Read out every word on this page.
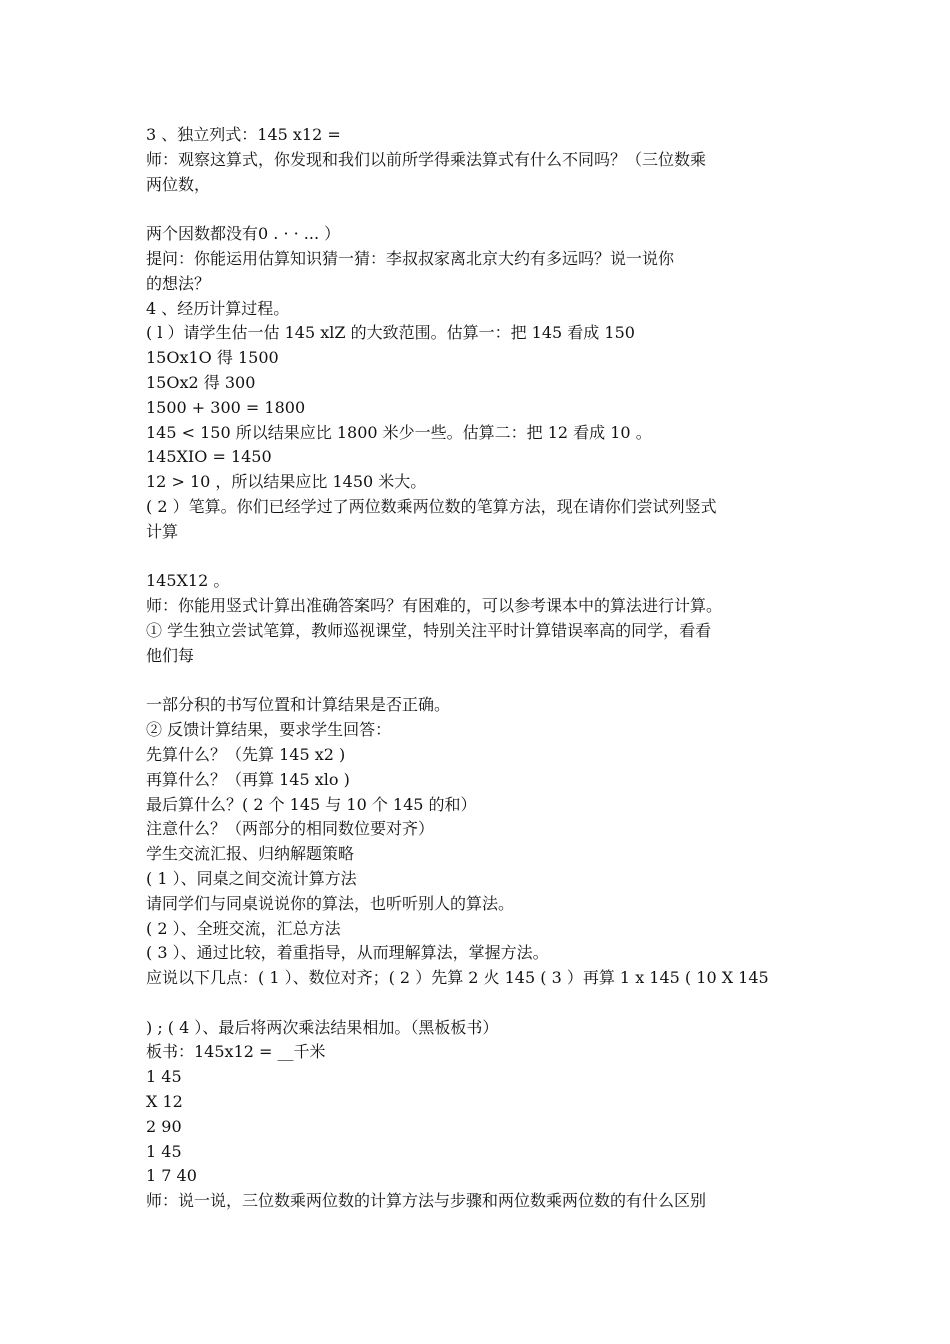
3 、独立列式：145 x12 =

师：观察这算式，你发现和我们以前所学得乘法算式有什么不同吗？（三位数乘

两位数，

两个因数都没有0 . · · ... ）

提问：你能运用估算知识猜一猜：李叔叔家离北京大约有多远吗？说一说你

的想法？

4 、经历计算过程。

( l ）请学生估一估 145 xlZ 的大致范围。估算一：把 145 看成 150

15Ox1O 得 1500

15Ox2 得 300

1500 + 300 = 1800

145 < 150 所以结果应比 1800 米少一些。估算二：把 12 看成 10 。

145XIO = 1450

12 > 10 ，所以结果应比 1450 米大。

( 2 ）笔算。你们已经学过了两位数乘两位数的笔算方法，现在请你们尝试列竖式

计算

145X12 。

师：你能用竖式计算出准确答案吗？有困难的，可以参考课本中的算法进行计算。

① 学生独立尝试笔算，教师巡视课堂，特别关注平时计算错误率高的同学，看看

他们每

一部分积的书写位置和计算结果是否正确。

② 反馈计算结果，要求学生回答：

先算什么？（先算 145 x2 )

再算什么？（再算 145 xlo )

最后算什么？( 2 个 145 与 10 个 145 的和）

注意什么？（两部分的相同数位要对齐）

学生交流汇报、归纳解题策略

( 1 ）、同桌之间交流计算方法

请同学们与同桌说说你的算法，也听听别人的算法。

( 2 ）、全班交流，汇总方法

( 3 ）、通过比较，着重指导，从而理解算法，掌握方法。

应说以下几点：( 1 ）、数位对齐；( 2 ）先算 2 火 145 ( 3 ）再算 1 x 145 ( 10 X 145

) ; ( 4 ）、最后将两次乘法结果相加。（黑板板书）

板书：145x12 = __千米

1 45

X 12

2 90

1 45

1 7 40

师：说一说，三位数乘两位数的计算方法与步骤和两位数乘两位数的有什么区别
